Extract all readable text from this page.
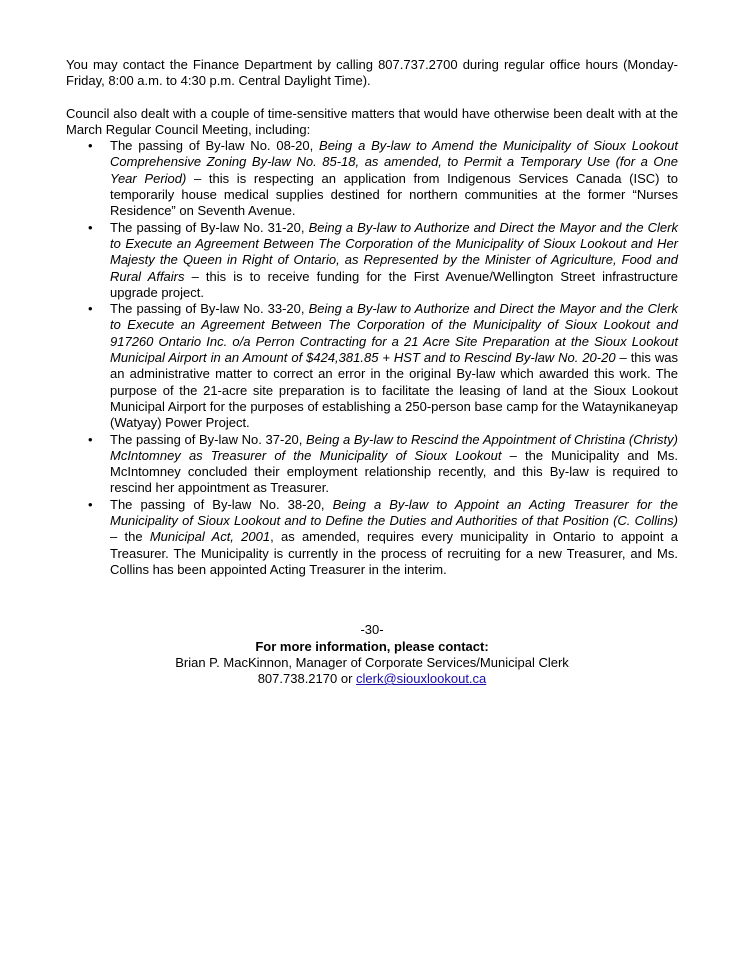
You may contact the Finance Department by calling 807.737.2700 during regular office hours (Monday-Friday, 8:00 a.m. to 4:30 p.m. Central Daylight Time).

Council also dealt with a couple of time-sensitive matters that would have otherwise been dealt with at the March Regular Council Meeting, including:

• The passing of By-law No. 08-20, Being a By-law to Amend the Municipality of Sioux Lookout Comprehensive Zoning By-law No. 85-18, as amended, to Permit a Temporary Use (for a One Year Period) – this is respecting an application from Indigenous Services Canada (ISC) to temporarily house medical supplies destined for northern communities at the former “Nurses Residence” on Seventh Avenue.
• The passing of By-law No. 31-20, Being a By-law to Authorize and Direct the Mayor and the Clerk to Execute an Agreement Between The Corporation of the Municipality of Sioux Lookout and Her Majesty the Queen in Right of Ontario, as Represented by the Minister of Agriculture, Food and Rural Affairs – this is to receive funding for the First Avenue/Wellington Street infrastructure upgrade project.
• The passing of By-law No. 33-20, Being a By-law to Authorize and Direct the Mayor and the Clerk to Execute an Agreement Between The Corporation of the Municipality of Sioux Lookout and 917260 Ontario Inc. o/a Perron Contracting for a 21 Acre Site Preparation at the Sioux Lookout Municipal Airport in an Amount of $424,381.85 + HST and to Rescind By-law No. 20-20 – this was an administrative matter to correct an error in the original By-law which awarded this work. The purpose of the 21-acre site preparation is to facilitate the leasing of land at the Sioux Lookout Municipal Airport for the purposes of establishing a 250-person base camp for the Wataynikaneyap (Watyay) Power Project.
• The passing of By-law No. 37-20, Being a By-law to Rescind the Appointment of Christina (Christy) McIntomney as Treasurer of the Municipality of Sioux Lookout – the Municipality and Ms. McIntomney concluded their employment relationship recently, and this By-law is required to rescind her appointment as Treasurer.
• The passing of By-law No. 38-20, Being a By-law to Appoint an Acting Treasurer for the Municipality of Sioux Lookout and to Define the Duties and Authorities of that Position (C. Collins) – the Municipal Act, 2001, as amended, requires every municipality in Ontario to appoint a Treasurer. The Municipality is currently in the process of recruiting for a new Treasurer, and Ms. Collins has been appointed Acting Treasurer in the interim.
-30-
For more information, please contact:
Brian P. MacKinnon, Manager of Corporate Services/Municipal Clerk
807.738.2170 or clerk@siouxlookout.ca
